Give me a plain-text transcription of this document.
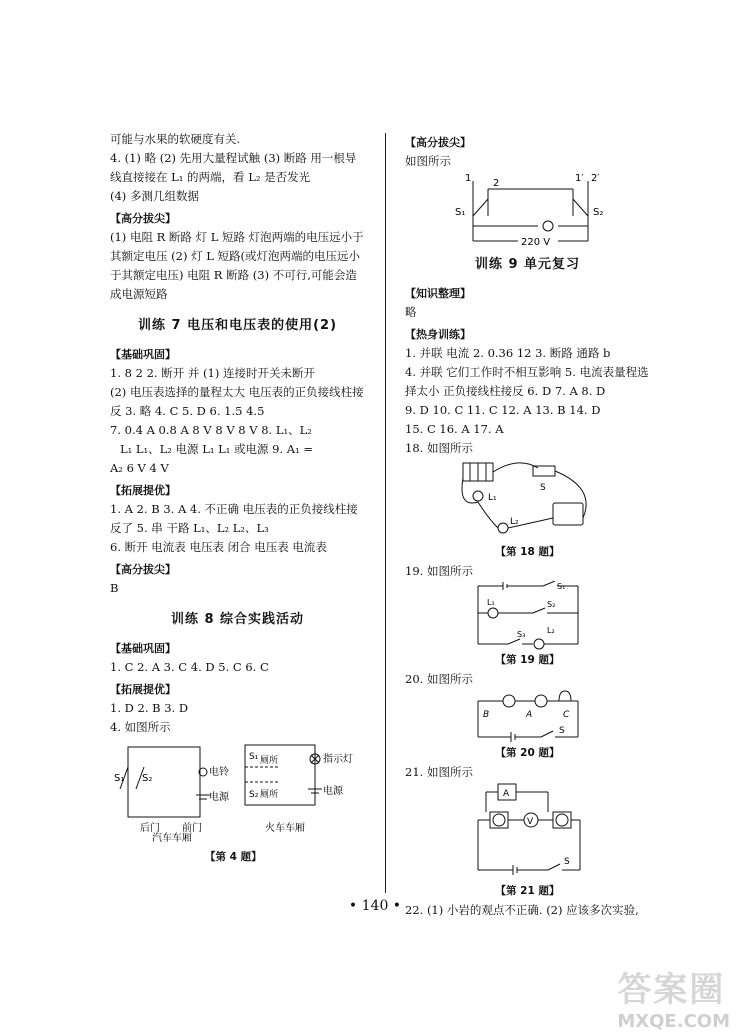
可能与水果的软硬度有关.

4. (1) 略 (2) 先用大量程试触 (3) 断路 用一根导线直接接在 L₁ 的两端，看 L₂ 是否发光

(4) 多测几组数据

【高分拔尖】

(1) 电阻 R 断路 灯 L 短路 灯泡两端的电压远小于其额定电压 (2) 灯 L 短路(或灯泡两端的电压远小于其额定电压) 电阻 R 断路 (3) 不可行,可能会造成电源短路

训练 7 电压和电压表的使用(2)

【基础巩固】

1. 8 2 2. 断开 并 (1) 连接时开关未断开

(2) 电压表选择的量程太大 电压表的正负接线柱接反 3. 略 4. C 5. D 6. 1.5 4.5

7. 0.4 A 0.8 A 8 V 8 V 8 V 8. L₁、L₂

L₁ L₁、L₂ 电源 L₁ L₁ 或电源 9. A₁ =

A₂ 6 V 4 V

【拓展提优】

1. A 2. B 3. A 4. 不正确 电压表的正负接线柱接反了 5. 串 干路 L₁、L₂ L₂、L₃

6. 断开 电流表 电压表 闭合 电压表 电流表

【高分拔尖】

B

训练 8 综合实践活动

【基础巩固】

1. C 2. A 3. C 4. D 5. C 6. C

【拓展提优】

1. D 2. B 3. D

4. 如图所示

S₁ S₂
电铃
电源
后门 前门
汽车车厢
S₁ 厕所
S₂ 厕所
指示灯
电源
火车车厢

【第 4 题】

【高分拔尖】

如图所示

1 2	1′ 2′
S₁	S₂
220 V
训练 9 单元复习

【知识整理】

略

【热身训练】

1. 并联 电流 2. 0.36 12 3. 断路 通路 b

4. 并联 它们工作时不相互影响 5. 电流表量程选择太小 正负接线柱接反 6. D 7. A 8. D

9. D 10. C 11. C 12. A 13. B 14. D

15. C 16. A 17. A

18. 如图所示

L₁
L₂
S

【第 18 题】

19. 如图所示

S₁
L₁	S₂
L₂
S₃

【第 19 题】

20. 如图所示

B	A	C
S

【第 20 题】

21. 如图所示

A
V
S

【第 21 题】

22. (1) 小岩的观点不正确. (2) 应该多次实验,

• 140 •
答案圈
MXQE.COM
